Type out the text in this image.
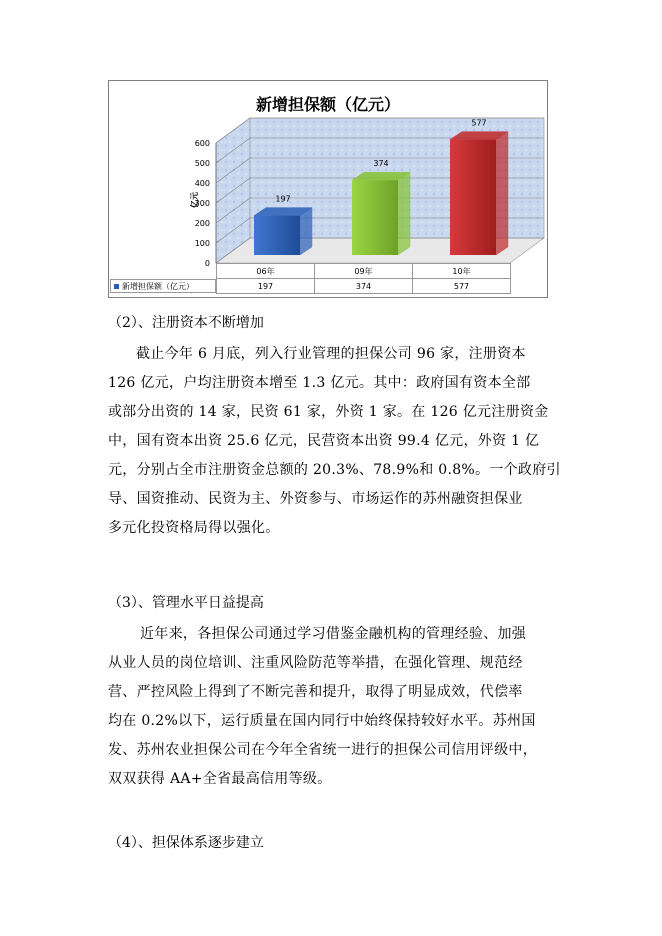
新增担保额（亿元）
0
100
200
300
400
500
600
197
374
577
亿元
06年	09年	10年
197	374	577
新增担保额（亿元）
（2）、注册资本不断增加
截止今年 6 月底，列入行业管理的担保公司 96 家，注册资本
126 亿元，户均注册资本增至 1.3 亿元。其中：政府国有资本全部
或部分出资的 14 家，民资 61 家，外资 1 家。在 126 亿元注册资金
中，国有资本出资 25.6 亿元，民营资本出资 99.4 亿元，外资 1 亿
元，分别占全市注册资金总额的 20.3%、78.9%和 0.8%。一个政府引
导、国资推动、民资为主、外资参与、市场运作的苏州融资担保业
多元化投资格局得以强化。
（3）、管理水平日益提高
近年来，各担保公司通过学习借鉴金融机构的管理经验、加强
从业人员的岗位培训、注重风险防范等举措，在强化管理、规范经
营、严控风险上得到了不断完善和提升，取得了明显成效，代偿率
均在 0.2%以下，运行质量在国内同行中始终保持较好水平。苏州国
发、苏州农业担保公司在今年全省统一进行的担保公司信用评级中，
双双获得 AA+全省最高信用等级。
（4）、担保体系逐步建立
